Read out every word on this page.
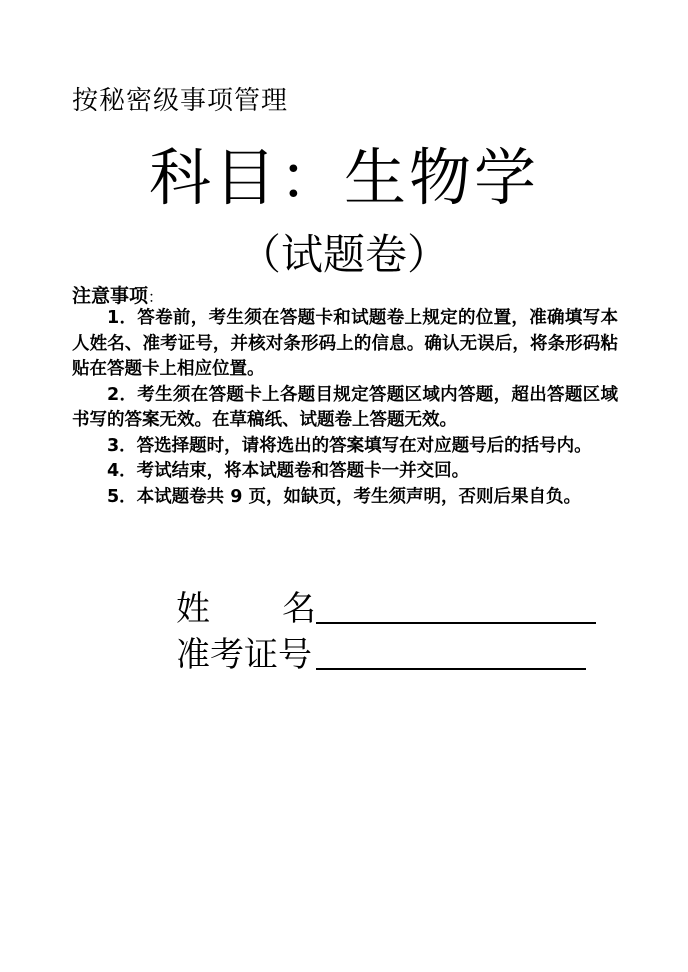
按秘密级事项管理
科目：生物学
（试题卷）
注意事项：

1．答卷前，考生须在答题卡和试题卷上规定的位置，准确填写本人姓名、准考证号，并核对条形码上的信息。确认无误后，将条形码粘贴在答题卡上相应位置。

2．考生须在答题卡上各题目规定答题区域内答题，超出答题区域书写的答案无效。在草稿纸、试题卷上答题无效。

3．答选择题时，请将选出的答案填写在对应题号后的括号内。

4．考试结束，将本试题卷和答题卡一并交回。

5．本试题卷共 9 页，如缺页，考生须声明，否则后果自负。

姓 名
准考证号
